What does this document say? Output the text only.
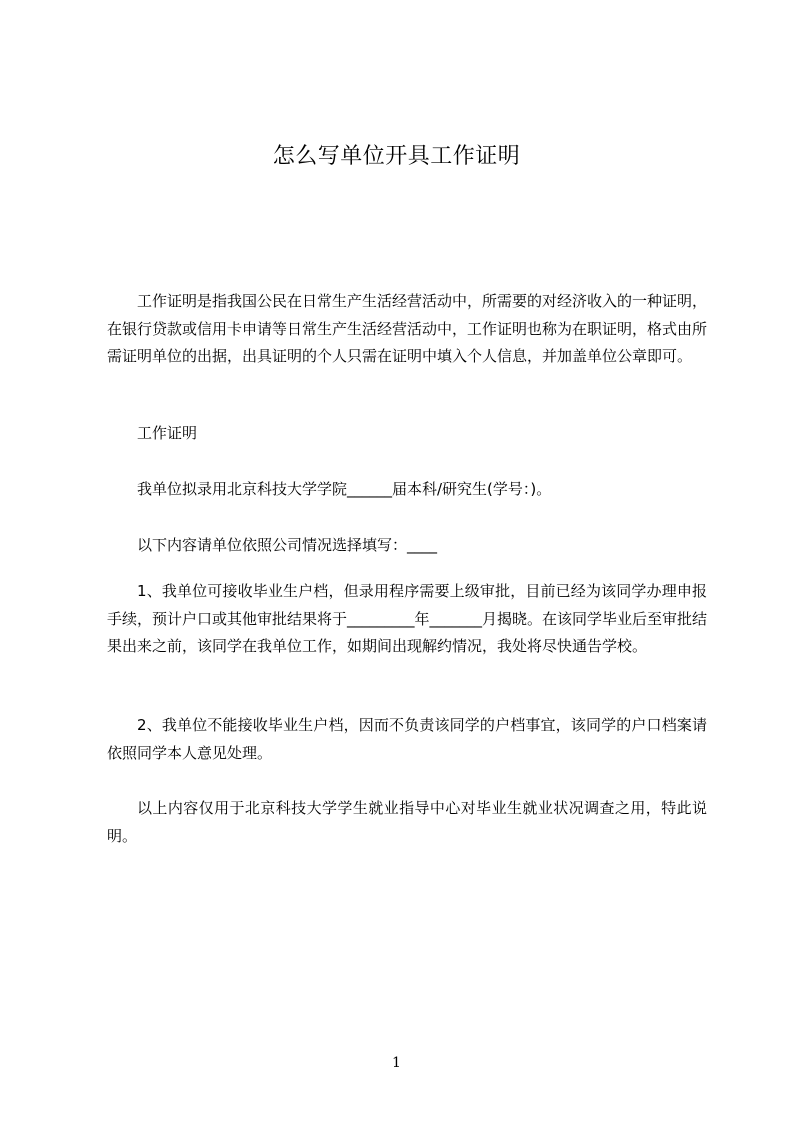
怎么写单位开具工作证明

工作证明是指我国公民在日常生产生活经营活动中，所需要的对经济收入的一种证明，在银行贷款或信用卡申请等日常生产生活经营活动中，工作证明也称为在职证明，格式由所需证明单位的出据，出具证明的个人只需在证明中填入个人信息，并加盖单位公章即可。

工作证明

我单位拟录用北京科技大学学院______届本科/研究生(学号：)。

以下内容请单位依照公司情况选择填写：____

1、我单位可接收毕业生户档，但录用程序需要上级审批，目前已经为该同学办理申报手续，预计户口或其他审批结果将于_________年_______月揭晓。在该同学毕业后至审批结果出来之前，该同学在我单位工作，如期间出现解约情况，我处将尽快通告学校。

2、我单位不能接收毕业生户档，因而不负责该同学的户档事宜，该同学的户口档案请依照同学本人意见处理。

以上内容仅用于北京科技大学学生就业指导中心对毕业生就业状况调查之用，特此说明。

1
